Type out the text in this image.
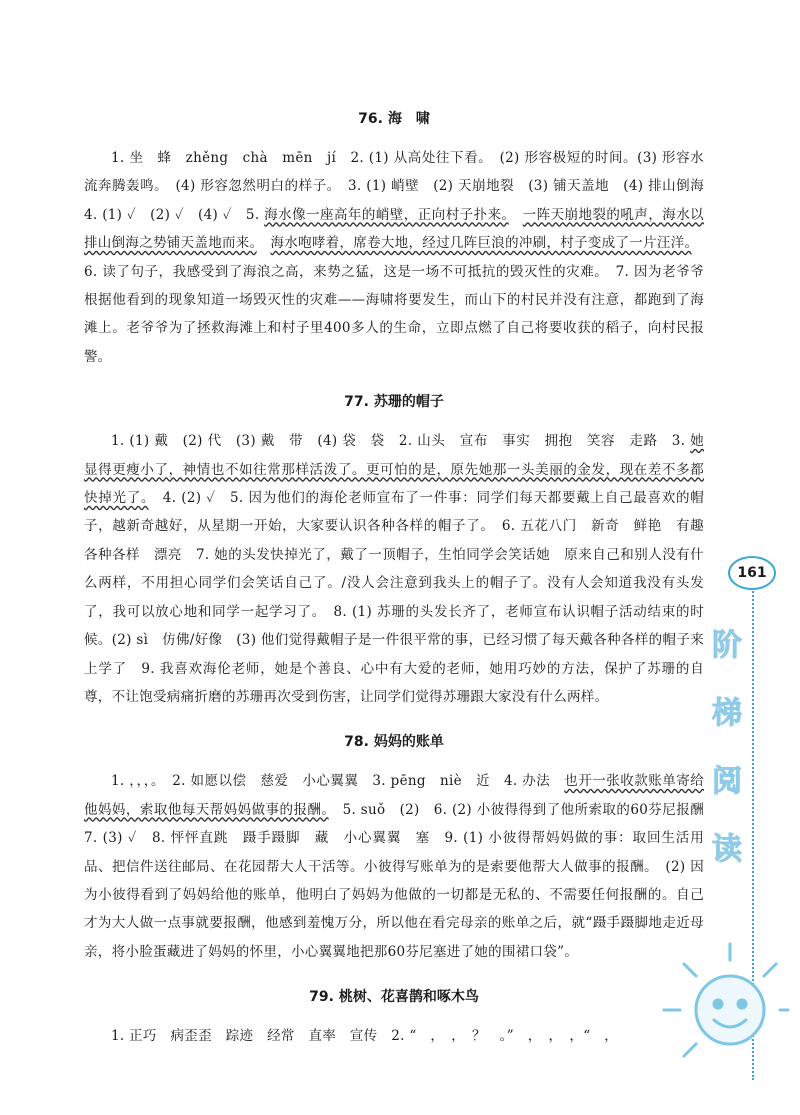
76. 海　啸

1. 坐　蜂　zhěng　chà　mēn　jí　2. (1) 从高处往下看。　(2) 形容极短的时间。(3) 形容水流奔腾轰鸣。　(4) 形容忽然明白的样子。　3. (1) 峭壁　(2) 天崩地裂　(3) 铺天盖地　(4) 排山倒海　4. (1) ✓　(2) ✓　(4) ✓　5. 海水像一座高年的峭壁，正向村子扑来。　 一阵天崩地裂的吼声，海水以排山倒海之势铺天盖地而来。　 海水咆哮着，席卷大地，经过几阵巨浪的冲刷，村子变成了一片汪洋。　6. 读了句子，我感受到了海浪之高，来势之猛，这是一场不可抵抗的毁灭性的灾难。　7. 因为老爷爷根据他看到的现象知道一场毁灭性的灾难——海啸将要发生，而山下的村民并没有注意，都跑到了海滩上。老爷爷为了拯救海滩上和村子里400多人的生命，立即点燃了自己将要收获的稻子，向村民报警。

77. 苏珊的帽子

1. (1) 戴　(2) 代　(3) 戴　带　(4) 袋　袋　2. 山头　宣布　事实　拥抱　笑容　走路　3. 她显得更瘦小了，神情也不如往常那样活泼了。更可怕的是，原先她那一头美丽的金发，现在差不多都快掉光了。　4. (2) ✓　5. 因为他们的海伦老师宣布了一件事：同学们每天都要戴上自己最喜欢的帽子，越新奇越好，从星期一开始，大家要认识各种各样的帽子了。　6. 五花八门　新奇　鲜艳　有趣　各种各样　漂亮　7. 她的头发快掉光了，戴了一顶帽子，生怕同学会笑话她　原来自己和别人没有什么两样，不用担心同学们会笑话自己了。/没人会注意到我头上的帽子了。没有人会知道我没有头发了，我可以放心地和同学一起学习了。　8. (1) 苏珊的头发长齐了，老师宣布认识帽子活动结束的时候。(2) sì　仿佛/好像　(3) 他们觉得戴帽子是一件很平常的事，已经习惯了每天戴各种各样的帽子来上学了　9. 我喜欢海伦老师，她是个善良、心中有大爱的老师，她用巧妙的方法，保护了苏珊的自尊，不让饱受病痛折磨的苏珊再次受到伤害，让同学们觉得苏珊跟大家没有什么两样。

78. 妈妈的账单

1. ，，，。　2. 如愿以偿　慈爱　小心翼翼　3. pēng　niè　近　4. 办法　也开一张收款账单寄给他妈妈，索取他每天帮妈妈做事的报酬。　5. suǒ　(2)　6. (2) 小彼得得到了他所索取的60芬尼报酬　7. (3) ✓　8. 怦怦直跳　蹑手蹑脚　藏　小心翼翼　塞　9. (1) 小彼得帮妈妈做的事：取回生活用品、把信件送往邮局、在花园帮大人干活等。小彼得写账单为的是索要他帮大人做事的报酬。　(2) 因为小彼得看到了妈妈给他的账单，他明白了妈妈为他做的一切都是无私的、不需要任何报酬的。自己才为大人做一点事就要报酬，他感到羞愧万分，所以他在看完母亲的账单之后，就“蹑手蹑脚地走近母亲，将小脸蛋藏进了妈妈的怀里，小心翼翼地把那60芬尼塞进了她的围裙口袋”。

79. 桃树、花喜鹊和啄木鸟

1. 正巧　病歪歪　踪迹　经常　直率　宣传　2. “　，　，　？　。”　，　，　，“　，

161
阶
梯
阅
读
